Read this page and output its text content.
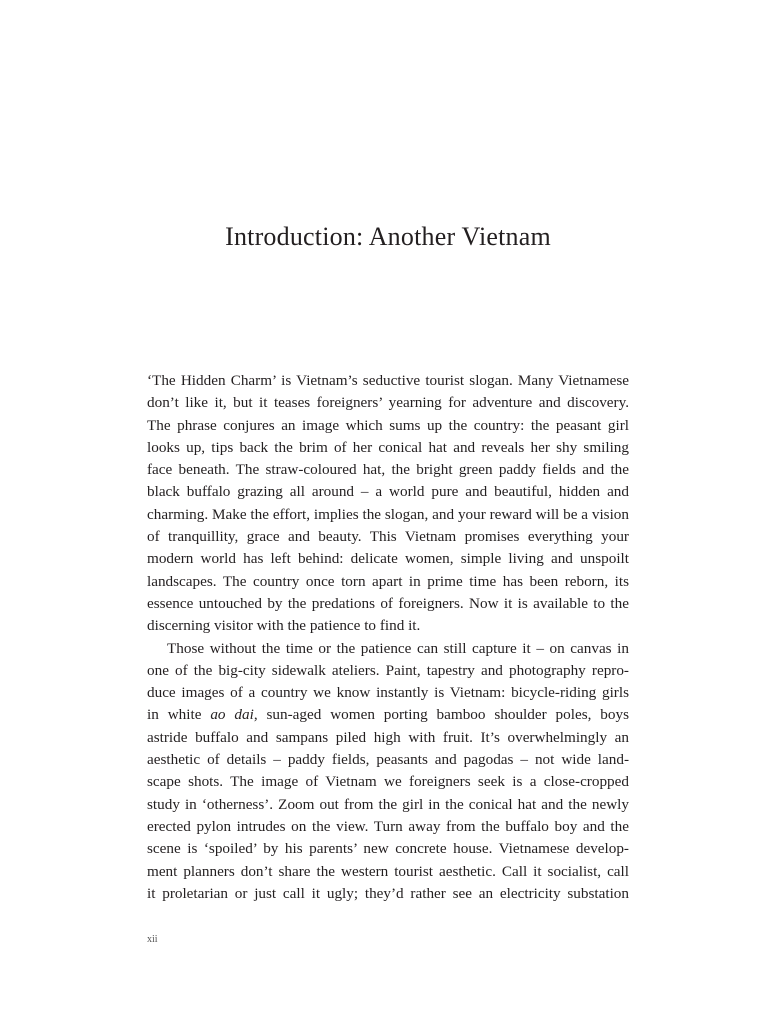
Introduction: Another Vietnam
‘The Hidden Charm’ is Vietnam’s seductive tourist slogan. Many Vietnamese
don’t like it, but it teases foreigners’ yearning for adventure and discovery.
The phrase conjures an image which sums up the country: the peasant girl
looks up, tips back the brim of her conical hat and reveals her shy smiling
face beneath. The straw-coloured hat, the bright green paddy fields and the
black buffalo grazing all around – a world pure and beautiful, hidden and
charming. Make the effort, implies the slogan, and your reward will be a vision
of tranquillity, grace and beauty. This Vietnam promises everything your
modern world has left behind: delicate women, simple living and unspoilt
landscapes. The country once torn apart in prime time has been reborn, its
essence untouched by the predations of foreigners. Now it is available to the
discerning visitor with the patience to find it.
Those without the time or the patience can still capture it – on canvas in
one of the big-city sidewalk ateliers. Paint, tapestry and photography repro-
duce images of a country we know instantly is Vietnam: bicycle-riding girls
in white ao dai, sun-aged women porting bamboo shoulder poles, boys
astride buffalo and sampans piled high with fruit. It’s overwhelmingly an
aesthetic of details – paddy fields, peasants and pagodas – not wide land-
scape shots. The image of Vietnam we foreigners seek is a close-cropped
study in ‘otherness’. Zoom out from the girl in the conical hat and the newly
erected pylon intrudes on the view. Turn away from the buffalo boy and the
scene is ‘spoiled’ by his parents’ new concrete house. Vietnamese develop-
ment planners don’t share the western tourist aesthetic. Call it socialist, call
it proletarian or just call it ugly; they’d rather see an electricity substation
xii
